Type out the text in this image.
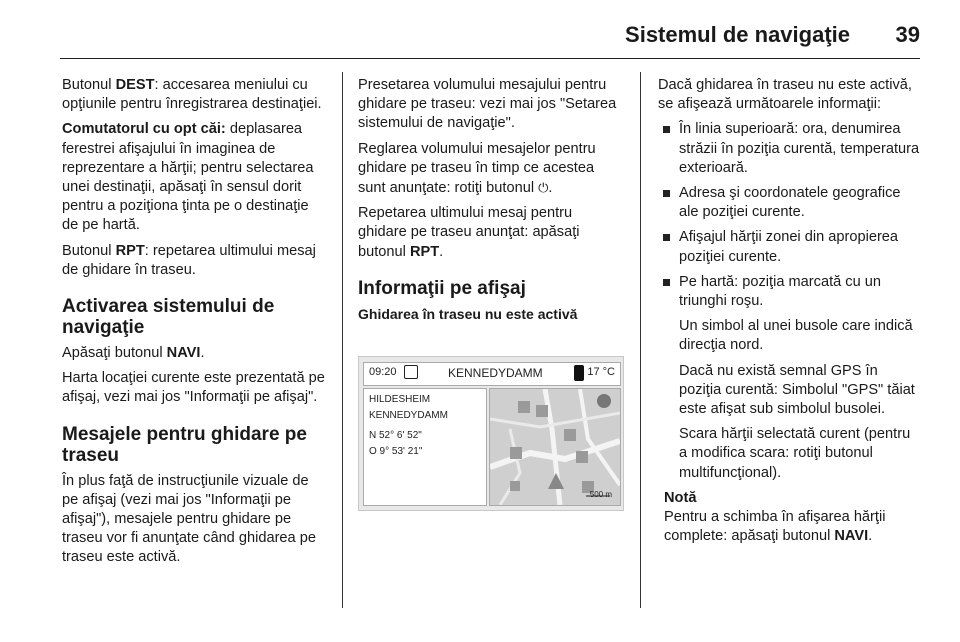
Sistemul de navigaţie 39

Butonul DEST: accesarea meniului cu opţiunile pentru înregistrarea destinaţiei.

Comutatorul cu opt căi: deplasarea ferestrei afişajului în imaginea de reprezentare a hărţii; pentru selectarea unei destinaţii, apăsaţi în sensul dorit pentru a poziţiona ţinta pe o destinaţie de pe hartă.

Butonul RPT: repetarea ultimului mesaj de ghidare în traseu.

Activarea sistemului de navigaţie

Apăsaţi butonul NAVI.

Harta locaţiei curente este prezentată pe afişaj, vezi mai jos "Informaţii pe afişaj".

Mesajele pentru ghidare pe traseu

În plus faţă de instrucţiunile vizuale de pe afişaj (vezi mai jos "Informaţii pe afişaj"), mesajele pentru ghidare pe traseu vor fi anunţate când ghidarea pe traseu este activă.

Presetarea volumului mesajului pentru ghidare pe traseu: vezi mai jos "Setarea sistemului de navigaţie".

Reglarea volumului mesajelor pentru ghidare pe traseu în timp ce acestea sunt anunţate: rotiţi butonul ⏻.

Repetarea ultimului mesaj pentru ghidare pe traseu anunţat: apăsaţi butonul RPT.

Informaţii pe afişaj
Ghidarea în traseu nu este activă
09:20	KENNEDYDAMM	17 °C
HILDESHEIM
KENNEDYDAMM
N 52° 6' 52"
O 9° 53' 21"
500 m

Dacă ghidarea în traseu nu este activă, se afişează următoarele informaţii:

În linia superioară: ora, denumirea străzii în poziţia curentă, temperatura exterioară.
Adresa şi coordonatele geografice ale poziţiei curente.
Afişajul hărţii zonei din apropierea poziţiei curente.
Pe hartă: poziţia marcată cu un triunghi roşu.
Un simbol al unei busole care indică direcţia nord.
Dacă nu există semnal GPS în poziţia curentă: Simbolul "GPS" tăiat este afişat sub simbolul busolei.
Scara hărţii selectată curent (pentru a modifica scara: rotiţi butonul multifuncţional).
Notă
Pentru a schimba în afişarea hărţii complete: apăsaţi butonul NAVI.
